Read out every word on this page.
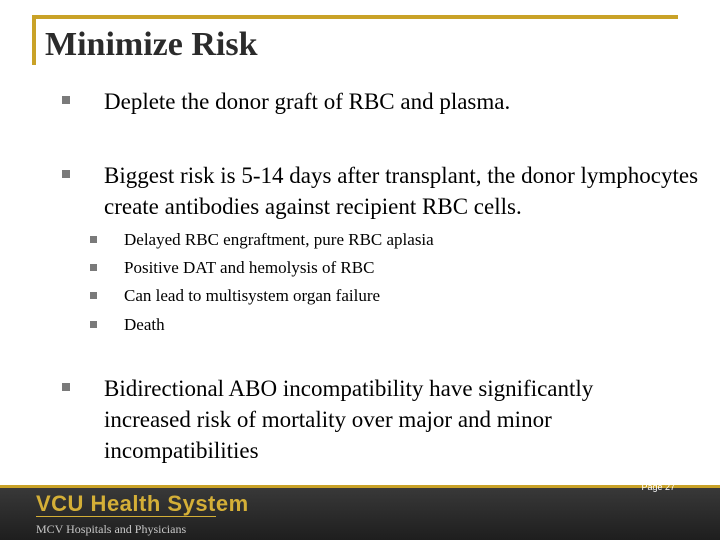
Minimize Risk
Deplete the donor graft of RBC and plasma.
Biggest risk is 5-14 days after transplant, the donor lymphocytes create antibodies against recipient RBC cells.
Delayed RBC engraftment, pure RBC aplasia
Positive DAT and hemolysis of RBC
Can lead to multisystem organ failure
Death
Bidirectional ABO incompatibility have significantly increased risk of mortality over major and minor incompatibilities
VCU Health System
MCV Hospitals and Physicians
Page 27
